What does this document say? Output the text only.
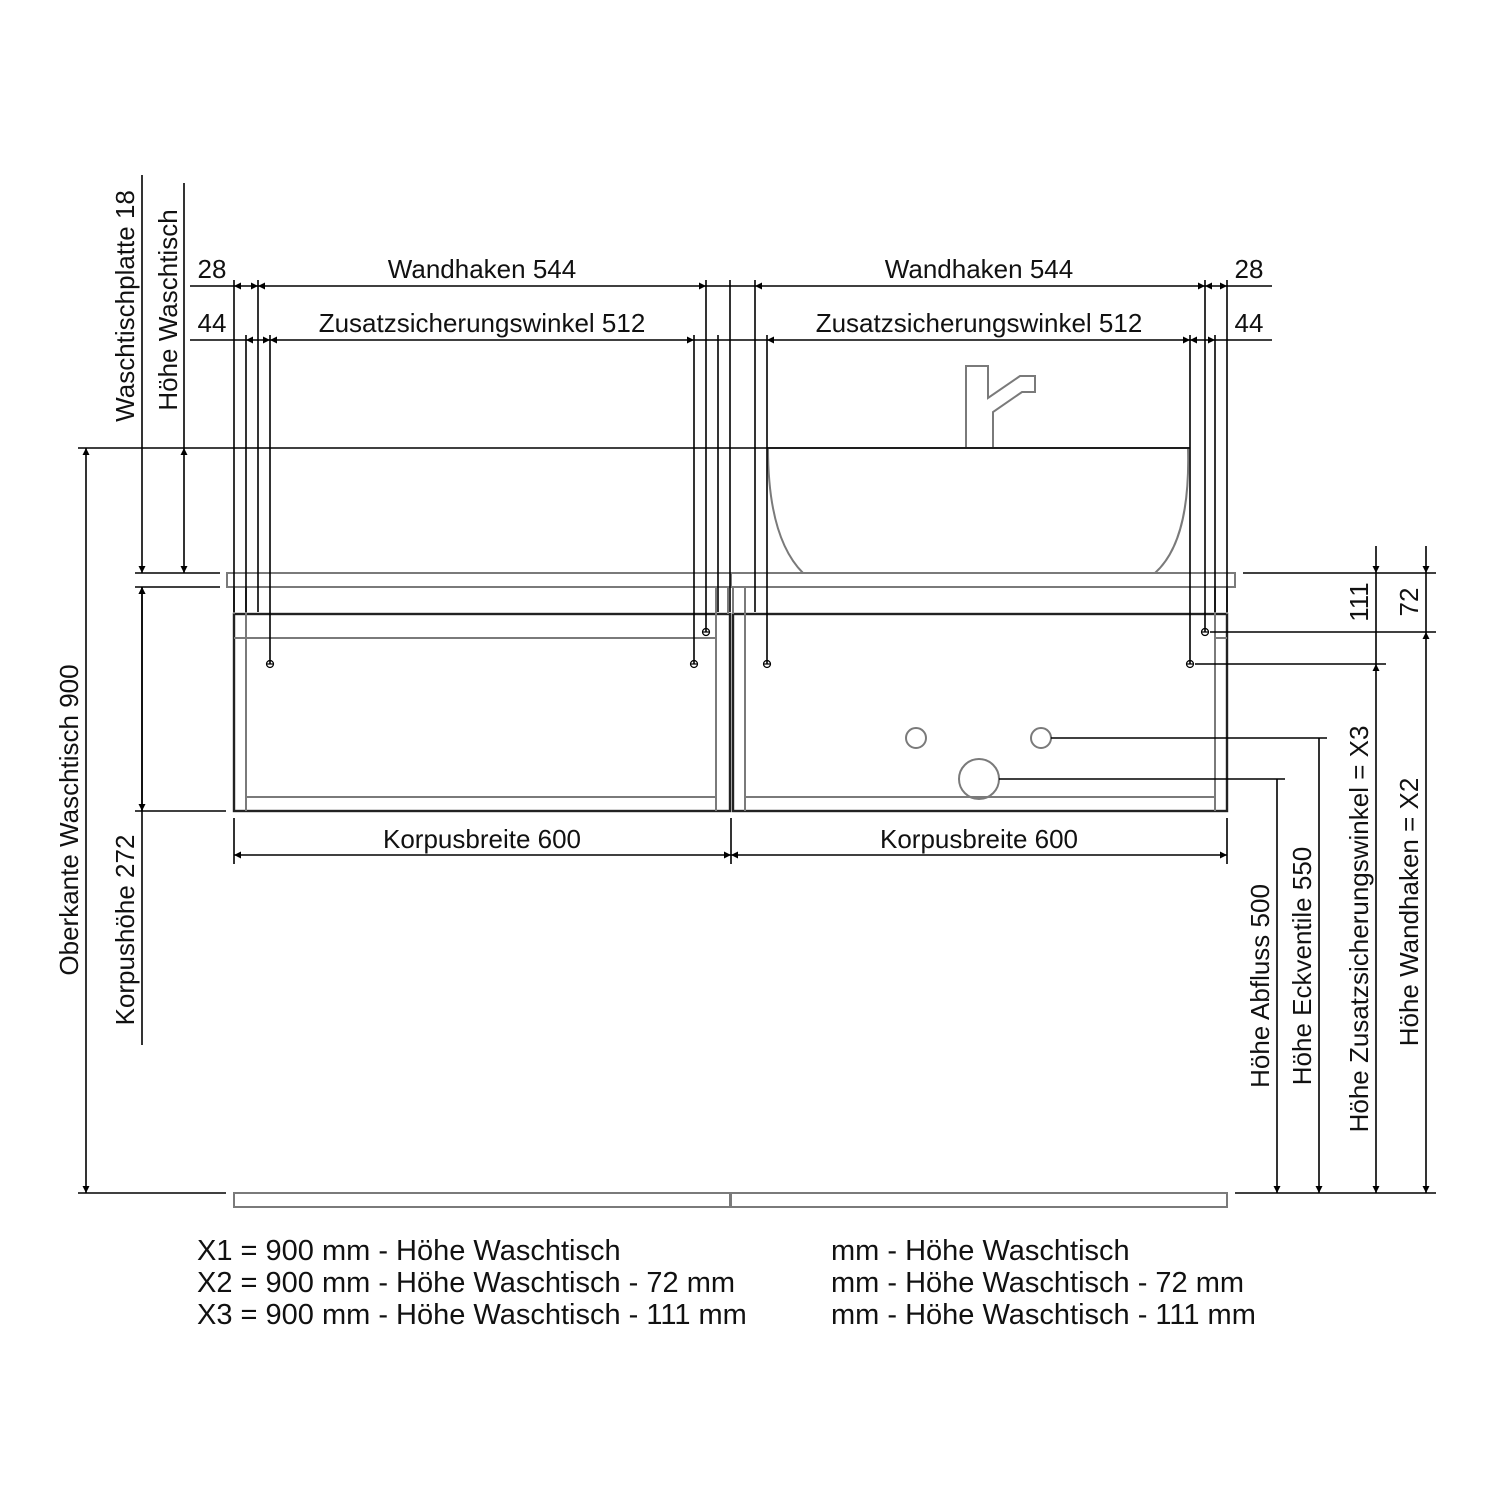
28
44
Wandhaken 544
Zusatzsicherungswinkel 512
Wandhaken 544
Zusatzsicherungswinkel 512
28
44
Korpusbreite 600	Korpusbreite 600
Waschtischplatte 18 Höhe Waschtisch
Oberkante Waschtisch 900 Korpushöhe 272
111 72
Höhe Abfluss 500 Höhe Eckventile 550 Höhe Zusatzsicherungswinkel = X3 Höhe Wandhaken = X2
X1 = 900 mm - Höhe Waschtisch
X2 = 900 mm - Höhe Waschtisch - 72 mm
X3 = 900 mm - Höhe Waschtisch - 111 mm
mm - Höhe Waschtisch
mm - Höhe Waschtisch - 72 mm
mm - Höhe Waschtisch - 111 mm
